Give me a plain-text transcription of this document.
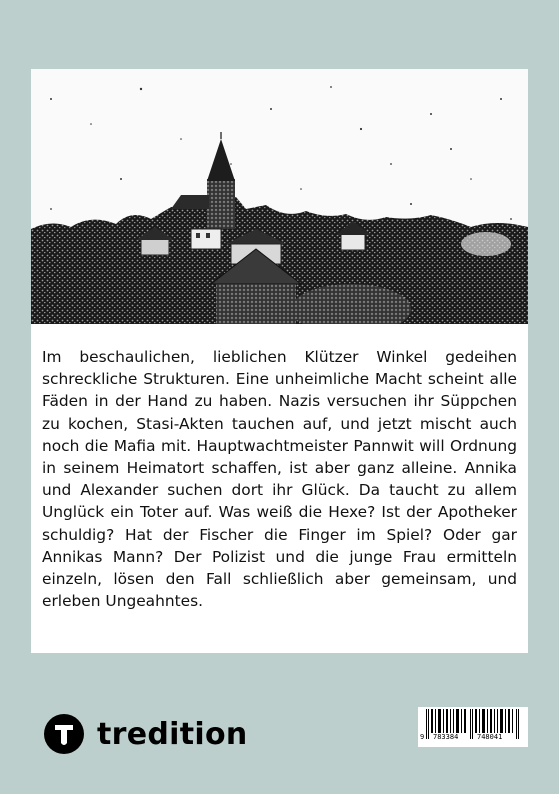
Im beschaulichen, lieblichen Klützer Winkel gedeihen schreckliche Strukturen. Eine unheimliche Macht scheint alle Fäden in der Hand zu haben. Nazis versuchen ihr Süppchen zu kochen, Stasi-Akten tauchen auf, und jetzt mischt auch noch die Mafia mit. Hauptwachtmeister Pannwit will Ordnung in seinem Heimatort schaffen, ist aber ganz alleine. Annika und Alexander suchen dort ihr Glück. Da taucht zu allem Unglück ein Toter auf. Was weiß die Hexe? Ist der Apotheker schuldig? Hat der Fischer die Finger im Spiel? Oder gar Annikas Mann? Der Polizist und die junge Frau ermitteln einzeln, lösen den Fall schließlich aber gemeinsam, und erleben Ungeahntes.

tredition	9 783384	748041
